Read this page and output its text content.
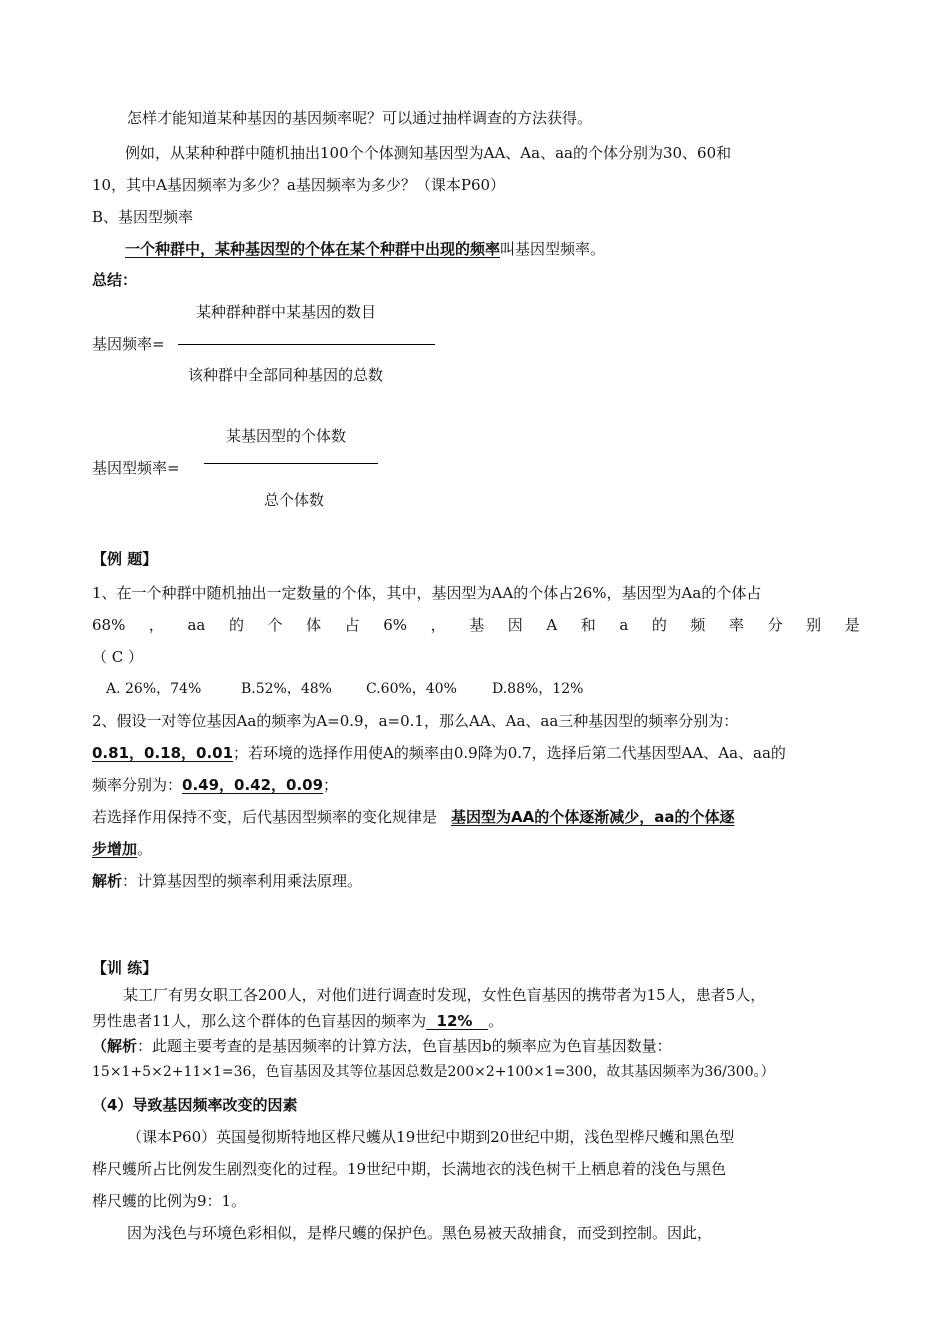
怎样才能知道某种基因的基因频率呢？可以通过抽样调查的方法获得。
例如，从某种种群中随机抽出100个个体测知基因型为AA、Aa、aa的个体分别为30、60和
10，其中A基因频率为多少？a基因频率为多少？（课本P60）
B、基因型频率
一个种群中，某种基因型的个体在某个种群中出现的频率叫基因型频率。
总结：
某种群种群中某基因的数目
基因频率=
该种群中全部同种基因的总数
某基因型的个体数
基因型频率=
总个体数
【例 题】
1、在一个种群中随机抽出一定数量的个体，其中，基因型为AA的个体占26%，基因型为Aa的个体占
68% ， aa 的 个 体 占 6% ， 基 因 A 和 a 的 频 率 分 别 是
（ C ）
A. 26%，74%	B.52%，48% C.60%，40%	D.88%，12%
2、假设一对等位基因Aa的频率为A=0.9，a=0.1，那么AA、Aa、aa三种基因型的频率分别为：
0.81，0.18，0.01；若环境的选择作用使A的频率由0.9降为0.7，选择后第二代基因型AA、Aa、aa的
频率分别为：0.49，0.42，0.09；
若选择作用保持不变，后代基因型频率的变化规律是 基因型为AA的个体逐渐减少，aa的个体逐
步增加。
解析：计算基因型的频率利用乘法原理。
【训 练】
某工厂有男女职工各200人，对他们进行调查时发现，女性色盲基因的携带者为15人，患者5人，
男性患者11人，那么这个群体的色盲基因的频率为  12%   。
（解析：此题主要考查的是基因频率的计算方法，色盲基因b的频率应为色盲基因数量：
15×1+5×2+11×1=36，色盲基因及其等位基因总数是200×2+100×1=300，故其基因频率为36/300。）
（4）导致基因频率改变的因素
（课本P60）英国曼彻斯特地区桦尺蠖从19世纪中期到20世纪中期，浅色型桦尺蠖和黑色型
桦尺蠖所占比例发生剧烈变化的过程。19世纪中期，长满地衣的浅色树干上栖息着的浅色与黑色
桦尺蠖的比例为9：1。
因为浅色与环境色彩相似，是桦尺蠖的保护色。黑色易被天敌捕食，而受到控制。因此，
